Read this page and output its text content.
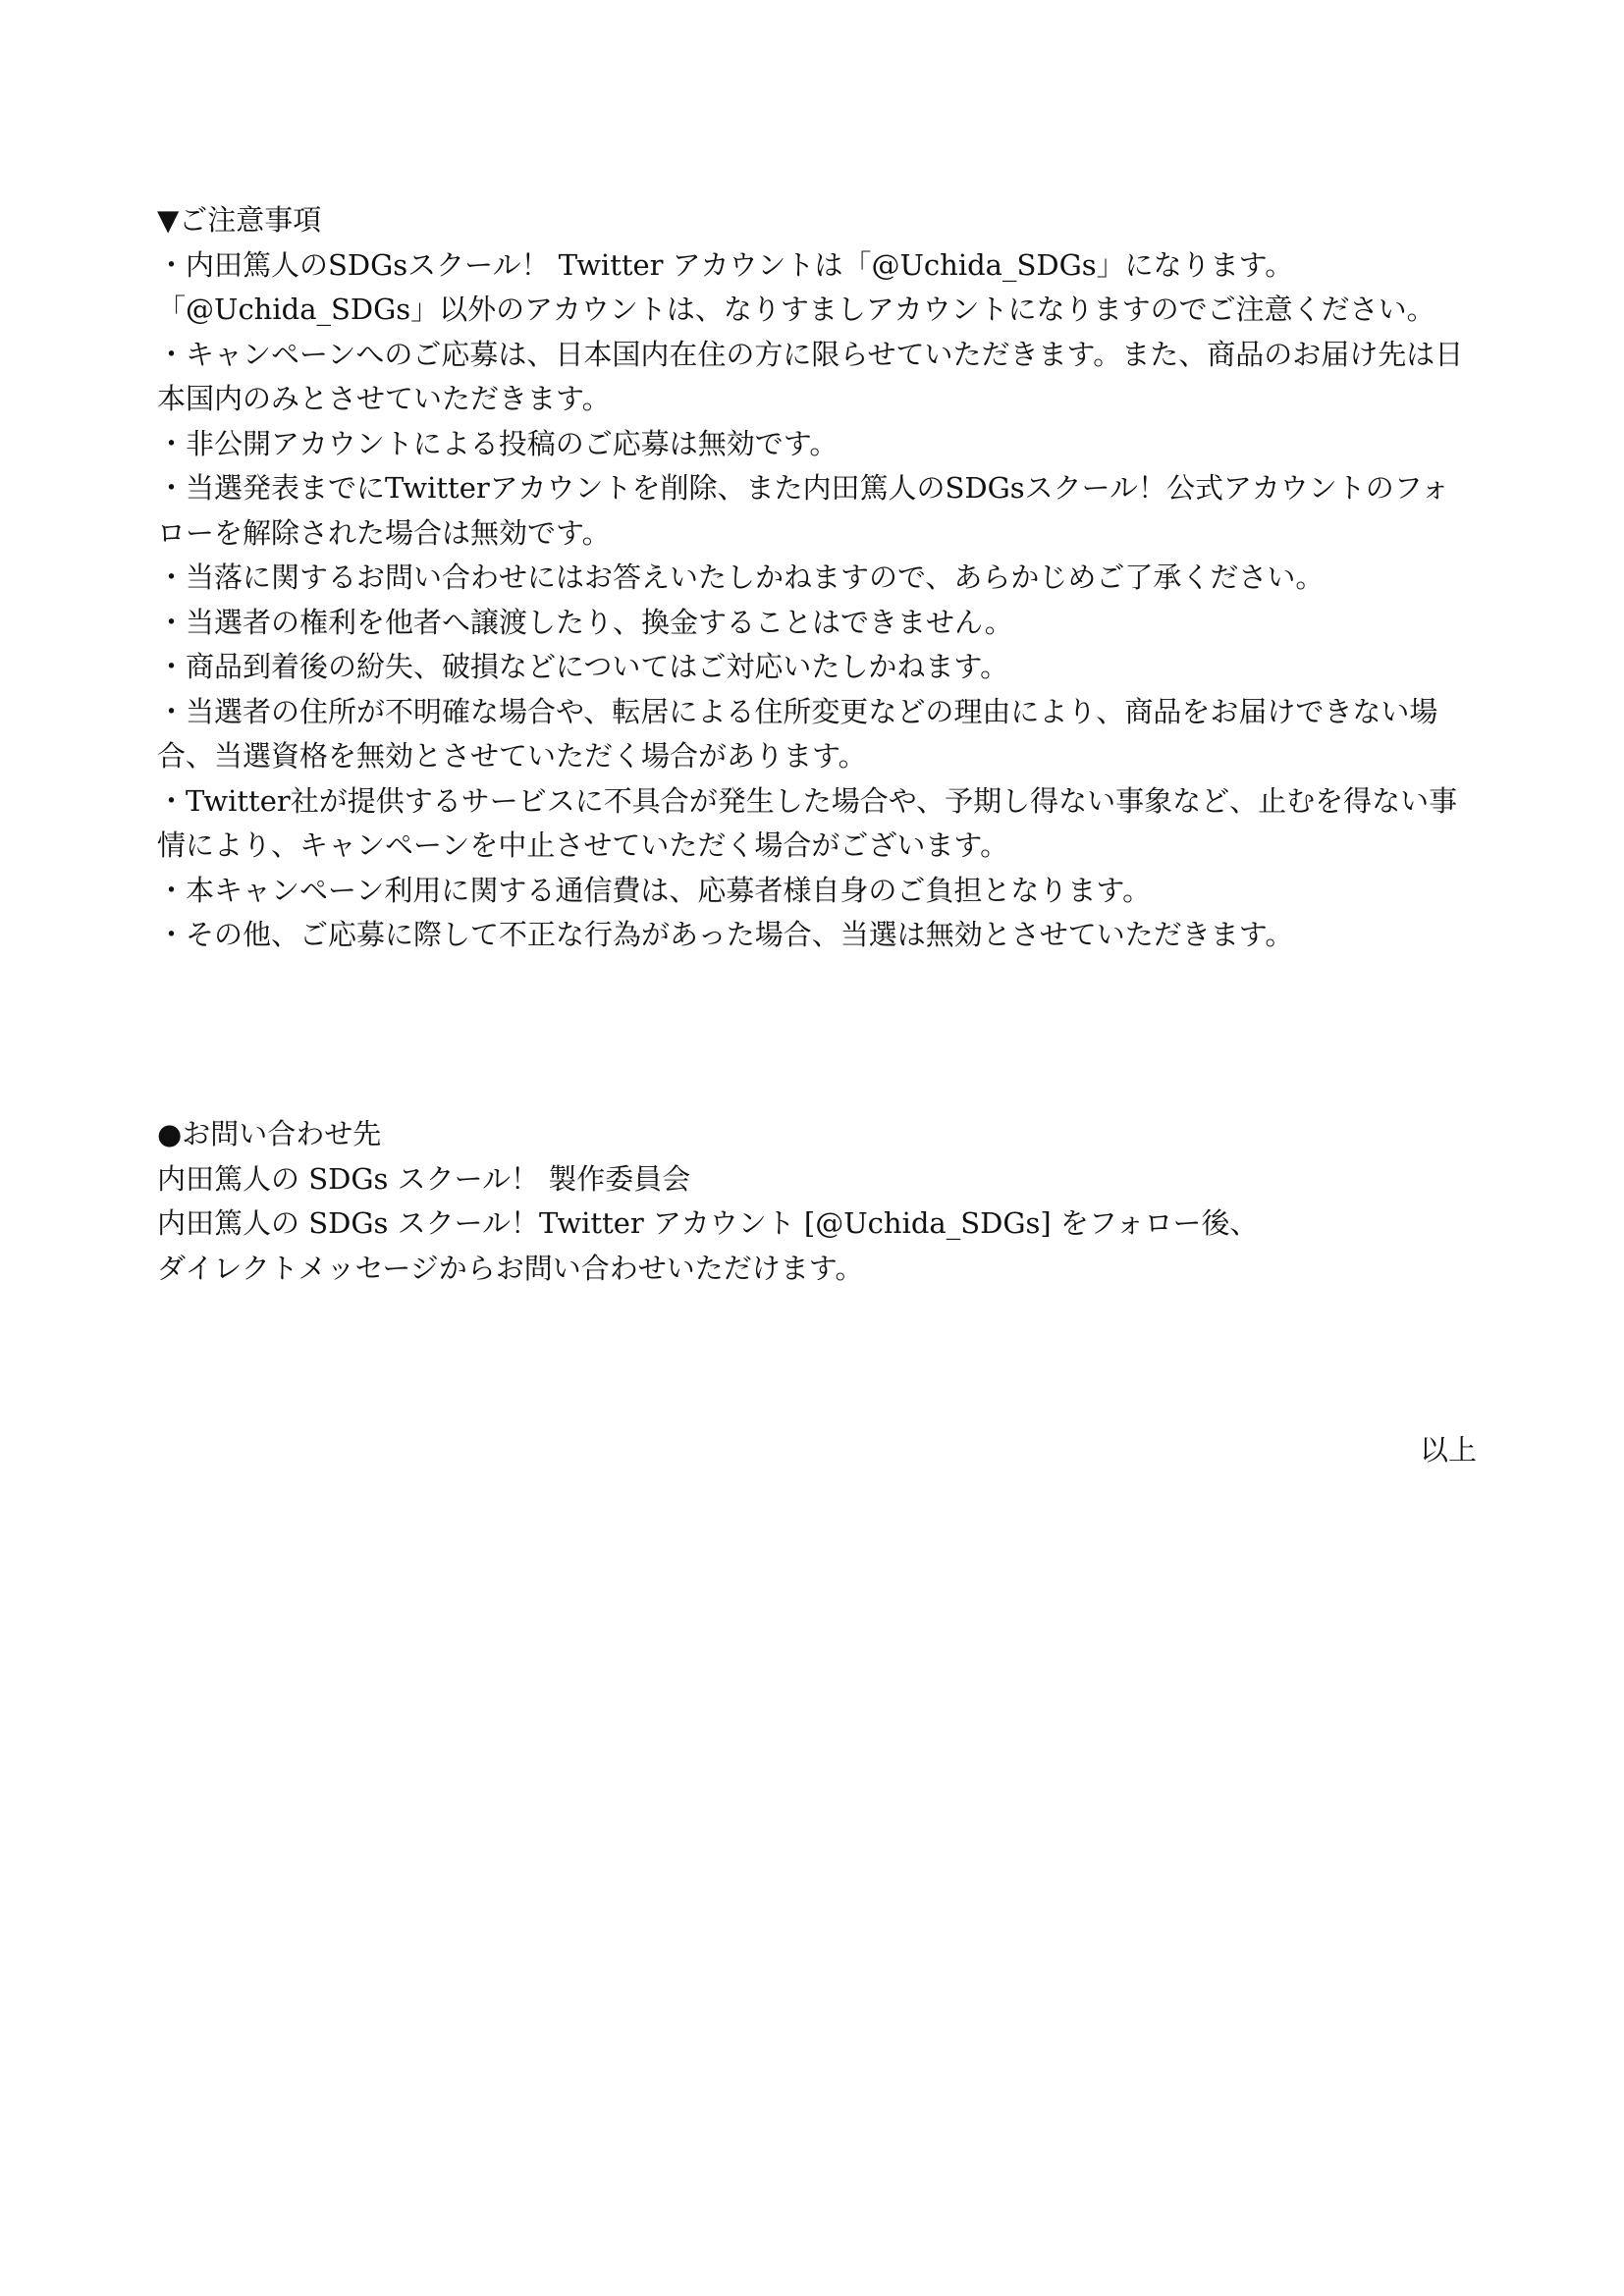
▼ご注意事項

・内田篤人のSDGsスクール！ Twitter アカウントは「@Uchida_SDGs」になります。

「@Uchida_SDGs」以外のアカウントは、なりすましアカウントになりますのでご注意ください。

・キャンペーンへのご応募は、日本国内在住の方に限らせていただきます。また、商品のお届け先は日本国内のみとさせていただきます。

・非公開アカウントによる投稿のご応募は無効です。

・当選発表までにTwitterアカウントを削除、また内田篤人のSDGsスクール！公式アカウントのフォローを解除された場合は無効です。

・当落に関するお問い合わせにはお答えいたしかねますので、あらかじめご了承ください。

・当選者の権利を他者へ譲渡したり、換金することはできません。

・商品到着後の紛失、破損などについてはご対応いたしかねます。

・当選者の住所が不明確な場合や、転居による住所変更などの理由により、商品をお届けできない場合、当選資格を無効とさせていただく場合があります。

・Twitter社が提供するサービスに不具合が発生した場合や、予期し得ない事象など、止むを得ない事情により、キャンペーンを中止させていただく場合がございます。

・本キャンペーン利用に関する通信費は、応募者様自身のご負担となります。

・その他、ご応募に際して不正な行為があった場合、当選は無効とさせていただきます。

●お問い合わせ先

内田篤人の SDGs スクール！ 製作委員会

内田篤人の SDGs スクール！Twitter アカウント [@Uchida_SDGs] をフォロー後、

ダイレクトメッセージからお問い合わせいただけます。

以上
